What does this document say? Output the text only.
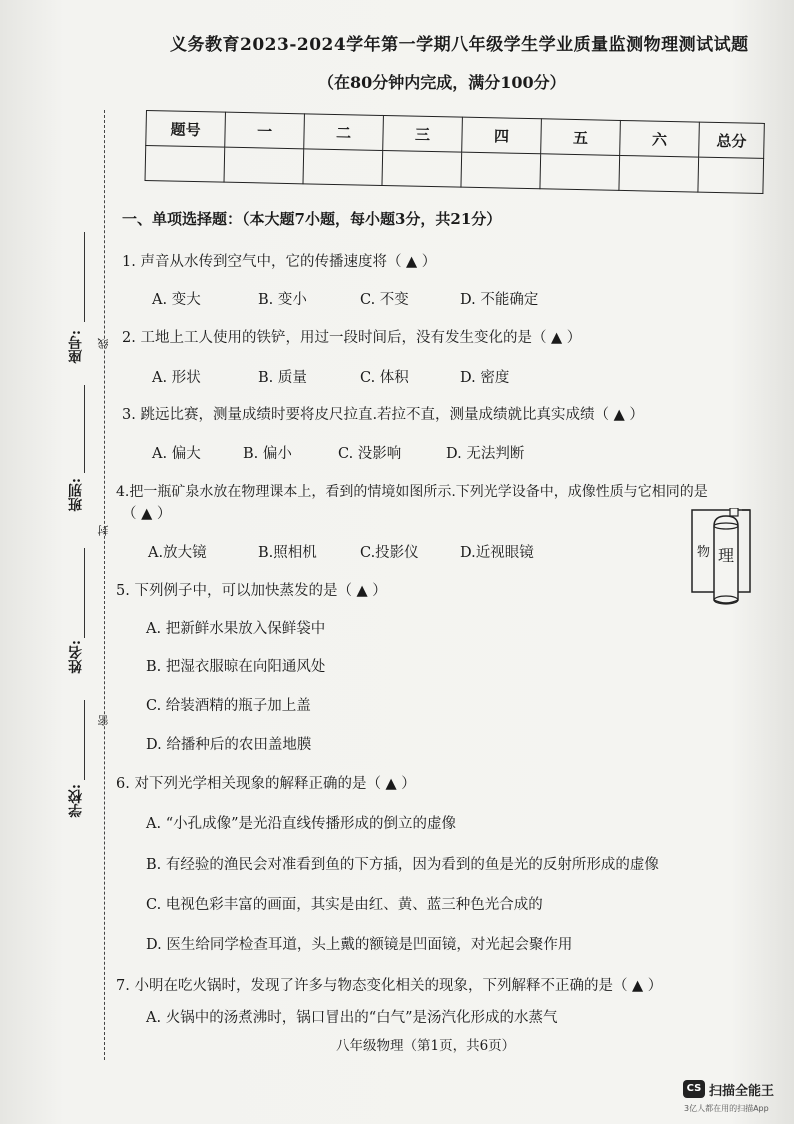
义务教育2023-2024学年第一学期八年级学生学业质量监测物理测试试题
（在80分钟内完成，满分100分）
题号	一	二	三	四	五	六	总分

座号:
班别:
姓名:
学校:
线
封
密
一、单项选择题：（本大题7小题，每小题3分，共21分）
1. 声音从水传到空气中，它的传播速度将（ ▲ ）
A. 变大	B. 变小	C. 不变	D. 不能确定
2. 工地上工人使用的铁铲，用过一段时间后，没有发生变化的是（ ▲ ）
A. 形状	B. 质量	C. 体积	D. 密度
3. 跳远比赛，测量成绩时要将皮尺拉直.若拉不直，测量成绩就比真实成绩（ ▲ ）
A. 偏大	B. 偏小	C. 没影响	D. 无法判断
4.把一瓶矿泉水放在物理课本上，看到的情境如图所示.下列光学设备中，成像性质与它相同的是
（ ▲ ）
A.放大镜	B.照相机	C.投影仪	D.近视眼镜	物 理
5. 下列例子中，可以加快蒸发的是（ ▲ ）
A. 把新鲜水果放入保鲜袋中
B. 把湿衣服晾在向阳通风处
C. 给装酒精的瓶子加上盖
D. 给播种后的农田盖地膜
6. 对下列光学相关现象的解释正确的是（ ▲ ）
A. “小孔成像”是光沿直线传播形成的倒立的虚像
B. 有经验的渔民会对准看到鱼的下方插，因为看到的鱼是光的反射所形成的虚像
C. 电视色彩丰富的画面，其实是由红、黄、蓝三种色光合成的
D. 医生给同学检查耳道，头上戴的额镜是凹面镜，对光起会聚作用
7. 小明在吃火锅时，发现了许多与物态变化相关的现象，下列解释不正确的是（ ▲ ）
A. 火锅中的汤煮沸时，锅口冒出的“白气”是汤汽化形成的水蒸气
八年级物理（第1页，共6页）
CS 扫描全能王
3亿人都在用的扫描App
